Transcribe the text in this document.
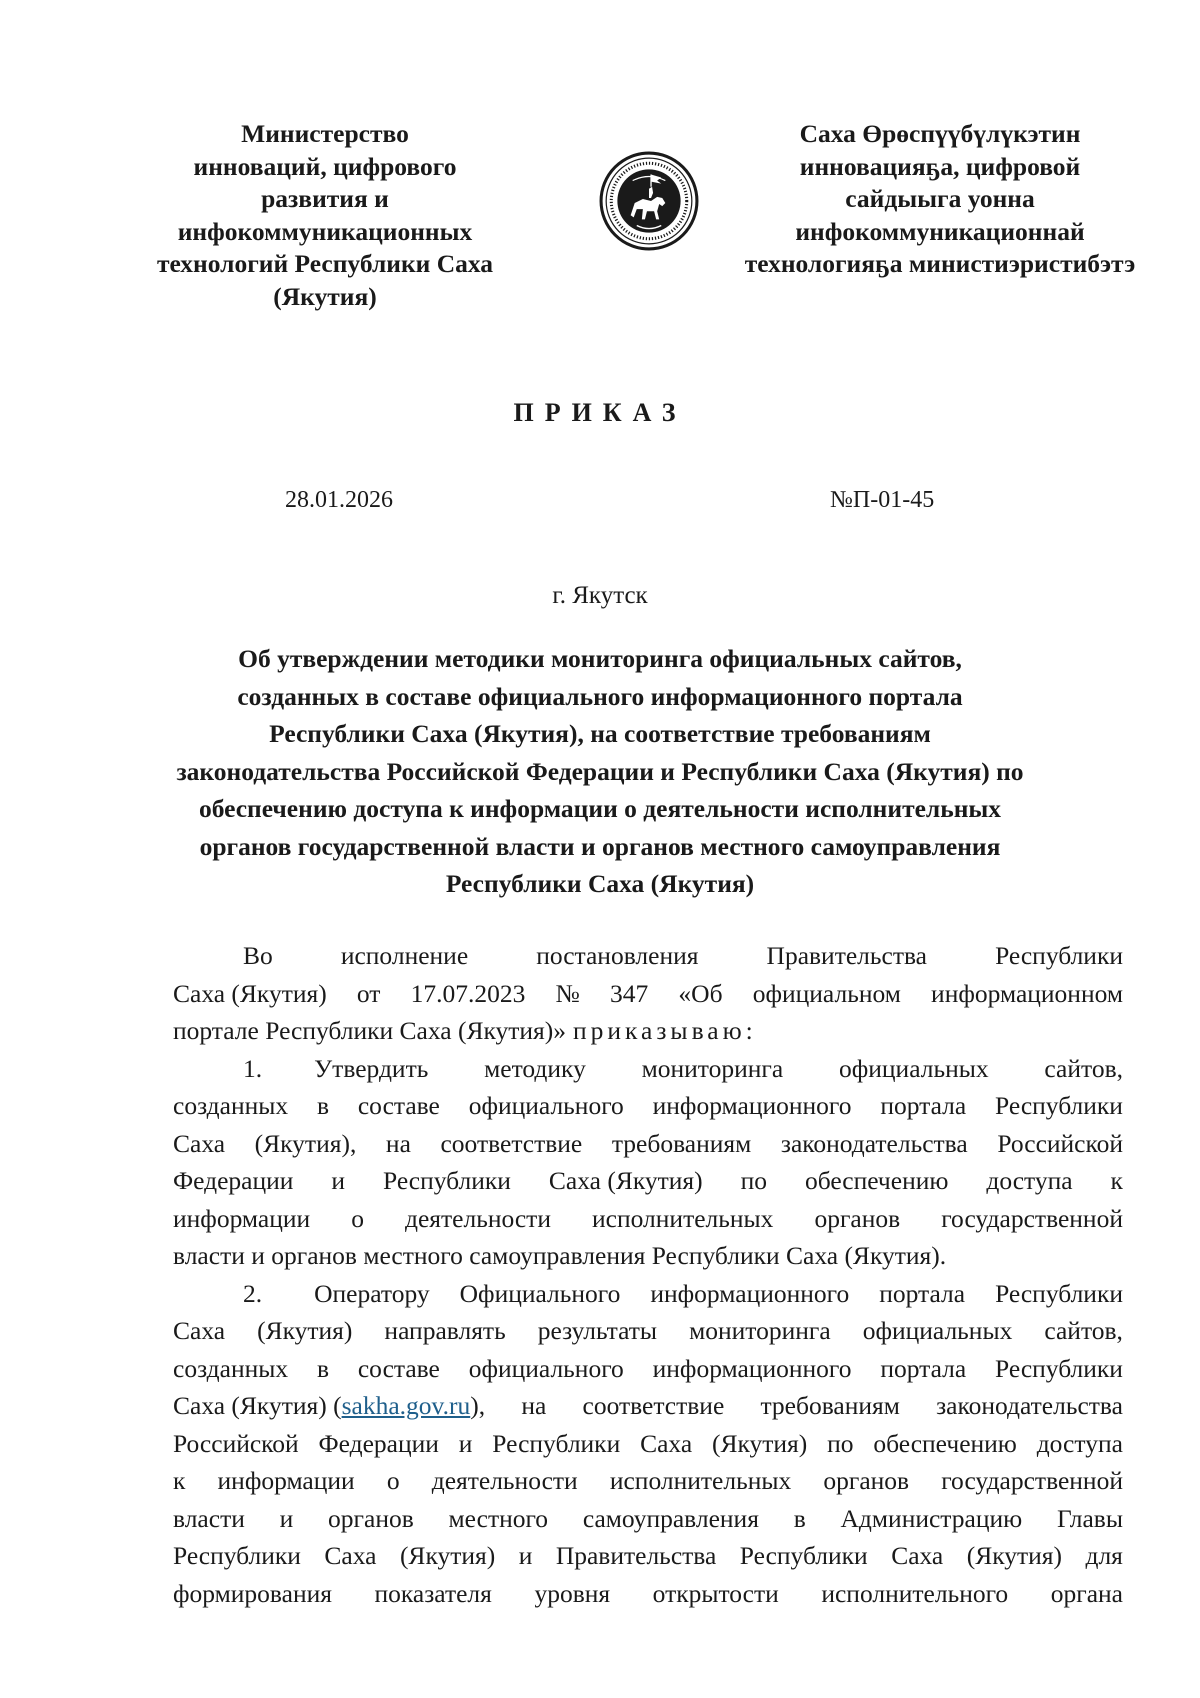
Министерство
инноваций, цифрового
развития и
инфокоммуникационных
технологий Республики Саха
(Якутия)
Саха Өрөспүүбүлүкэтин
инновацияҕа, цифровой
сайдыыга уонна
инфокоммуникационнай
технологияҕа министиэристибэтэ
ПРИКАЗ
28.01.2026	№П-01-45
г. Якутск
Об утверждении методики мониторинга официальных сайтов,
созданных в составе официального информационного портала
Республики Саха (Якутия), на соответствие требованиям
законодательства Российской Федерации и Республики Саха (Якутия) по
обеспечению доступа к информации о деятельности исполнительных
органов государственной власти и органов местного самоуправления
Республики Саха (Якутия)
Во	исполнение	постановления	Правительства	Республики
Саха (Якутия) от 17.07.2023 № 347 «Об официальном информационном
портале Республики Саха (Якутия)» приказываю:
1. Утвердить методику мониторинга официальных сайтов,
созданных в составе официального информационного портала Республики
Саха (Якутия), на соответствие требованиям законодательства Российской
Федерации и Республики Саха (Якутия) по обеспечению доступа к
информации о деятельности исполнительных органов государственной
власти и органов местного самоуправления Республики Саха (Якутия).
2. Оператору Официального информационного портала Республики
Саха (Якутия) направлять результаты мониторинга официальных сайтов,
созданных в составе официального информационного портала Республики
Саха (Якутия) (sakha.gov.ru ), на соответствие требованиям законодательства
Российской Федерации и Республики Саха (Якутия) по обеспечению доступа
к информации о деятельности исполнительных органов государственной
власти и органов местного самоуправления в Администрацию Главы
Республики Саха (Якутия) и Правительства Республики Саха (Якутия) для
формирования показателя уровня открытости исполнительного органа
